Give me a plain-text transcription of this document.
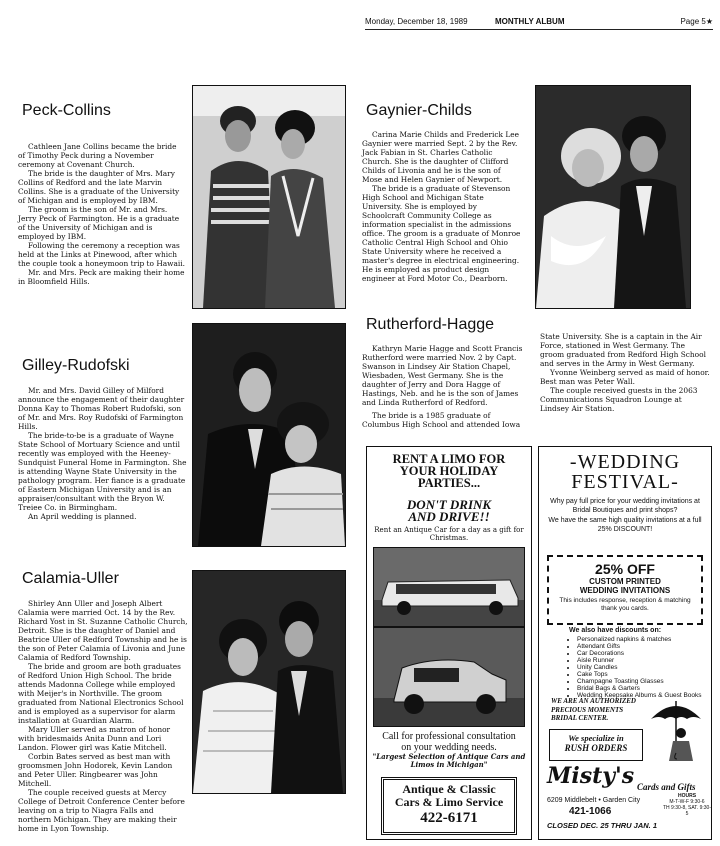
Monday, December 18, 1989	MONTHLY ALBUM	Page 5★
Peck-Collins

Cathleen Jane Collins became the bride of Timothy Peck during a November ceremony at Covenant Church.

The bride is the daughter of Mrs. Mary Collins of Redford and the late Marvin Collins. She is a graduate of the University of Michigan and is employed by IBM.

The groom is the son of Mr. and Mrs. Jerry Peck of Farmington. He is a graduate of the University of Michigan and is employed by IBM.

Following the ceremony a reception was held at the Links at Pinewood, after which the couple took a honeymoon trip to Hawaii.

Mr. and Mrs. Peck are making their home in Bloomfield Hills.

Gaynier-Childs

Carina Marie Childs and Frederick Lee Gaynier were married Sept. 2 by the Rev. Jack Fabian in St. Charles Catholic Church. She is the daughter of Clifford Childs of Livonia and he is the son of Mose and Helen Gaynier of Newport.

The bride is a graduate of Stevenson High School and Michigan State University. She is employed by Schoolcraft Community College as information specialist in the admissions office. The groom is a graduate of Monroe Catholic Central High School and Ohio State University where he received a master's degree in electrical engineering. He is employed as product design engineer at Ford Motor Co., Dearborn.

Gilley-Rudofski

Mr. and Mrs. David Gilley of Milford announce the engagement of their daughter Donna Kay to Thomas Robert Rudofski, son of Mr. and Mrs. Roy Rudofski of Farmington Hills.

The bride-to-be is a graduate of Wayne State School of Mortuary Science and until recently was employed with the Heeney-Sundquist Funeral Home in Farmington. She is attending Wayne State University in the pathology program. Her fiance is a graduate of Eastern Michigan University and is an appraiser/consultant with the Bryon W. Treiee Co. in Birmingham.

An April wedding is planned.

Rutherford-Hagge

Kathryn Marie Hagge and Scott Francis Rutherford were married Nov. 2 by Capt. Swanson in Lindsey Air Station Chapel, Wiesbaden, West Germany. She is the daughter of Jerry and Dora Hagge of Hastings, Neb. and he is the son of James and Linda Rutherford of Redford.

The bride is a 1985 graduate of Columbus High School and attended Iowa

State University. She is a captain in the Air Force, stationed in West Germany. The groom graduated from Redford High School and serves in the Army in West Germany.

Yvonne Weinberg served as maid of honor. Best man was Peter Wall.

The couple received guests in the 2063 Communications Squadron Lounge at Lindsey Air Station.

Calamia-Uller

Shirley Ann Uller and Joseph Albert Calamia were married Oct. 14 by the Rev. Richard Yost in St. Suzanne Catholic Church, Detroit. She is the daughter of Daniel and Beatrice Uller of Redford Township and he is the son of Peter Calamia of Livonia and June Calamia of Redford Township.

The bride and groom are both graduates of Redford Union High School. The bride attends Madonna College while employed with Meijer's in Northville. The groom graduated from National Electronics School and is employed as a supervisor for alarm installation at Guardian Alarm.

Mary Uller served as matron of honor with bridesmaids Anita Dunn and Lori Landon. Flower girl was Katie Mitchell.

Corbin Bates served as best man with groomsmen John Hodorek, Kevin Landon and Peter Uller. Ringbearer was John Mitchell.

The couple received guests at Mercy College of Detroit Conference Center before leaving on a trip to Niagra Falls and northern Michigan. They are making their home in Lyon Township.

RENT A LIMO FOR
YOUR HOLIDAY
PARTIES...
DON'T DRINK
AND DRIVE!!
Rent an Antique Car for a day as a gift for Christmas.
Call for professional consultation
on your wedding needs.
"Largest Selection of Antique Cars and Limos in Michigan"
Antique & Classic
Cars & Limo Service
422-6171
-WEDDING
FESTIVAL-
Why pay full price for your wedding invitations at Bridal Boutiques and print shops?
We have the same high quality invitations at a full 25% DISCOUNT!
25% OFF
CUSTOM PRINTED
WEDDING INVITATIONS
This includes response, reception & matching thank you cards.
We also have discounts on:
• Personalized napkins & matches
• Attendant Gifts
• Car Decorations
• Aisle Runner
• Unity Candles
• Cake Tops
• Champagne Toasting Glasses
• Bridal Bags & Garters
• Wedding Keepsake Albums & Guest Books
WE ARE AN AUTHORIZED
PRECIOUS MOMENTS
BRIDAL CENTER.
We specialize in
RUSH ORDERS
Misty's Cards and Gifts
6209 Middlebelt • Garden City
421-1066
HOURS
M-T-W-F 9:30-6
TH 9:30-8, SAT. 9:30-5
CLOSED DEC. 25 THRU JAN. 1
